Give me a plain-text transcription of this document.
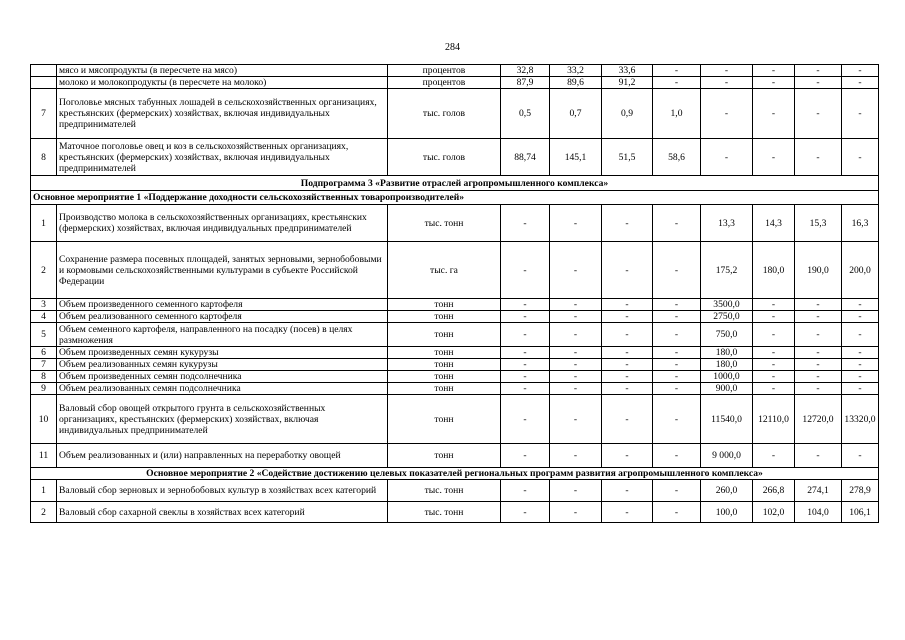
284
	мясо и мясопродукты (в пересчете на мясо)	процентов	32,8	33,2	33,6	-	-	-	-	-
	молоко и молокопродукты (в пересчете на молоко)	процентов	87,9	89,6	91,2	-	-	-	-	-
7	Поголовье мясных табунных лошадей в сельскохозяйственных организациях, крестьянских (фермерских) хозяйствах, включая индивидуальных предпринимателей	тыс. голов	0,5	0,7	0,9	1,0	-	-	-	-
8	Маточное поголовье овец и коз в сельскохозяйственных организациях, крестьянских (фермерских) хозяйствах, включая индивидуальных предпринимателей	тыс. голов	88,74	145,1	51,5	58,6	-	-	-	-
Подпрограмма 3 «Развитие отраслей агропромышленного комплекса»										
Основное мероприятие 1 «Поддержание доходности сельскохозяйственных товаропроизводителей»										
1	Производство молока в сельскохозяйственных организациях, крестьянских (фермерских) хозяйствах, включая индивидуальных предпринимателей	тыс. тонн	-	-	-	-	13,3	14,3	15,3	16,3
2	Сохранение размера посевных площадей, занятых зерновыми, зернобобовыми и кормовыми сельскохозяйственными культурами в субъекте Российской Федерации	тыс. га	-	-	-	-	175,2	180,0	190,0	200,0
3	Объем произведенного семенного картофеля	тонн	-	-	-	-	3500,0	-	-	-
4	Объем реализованного семенного картофеля	тонн	-	-	-	-	2750,0	-	-	-
5	Объем семенного картофеля, направленного на посадку (посев) в целях размножения	тонн	-	-	-	-	750,0	-	-	-
6	Объем произведенных семян кукурузы	тонн	-	-	-	-	180,0	-	-	-
7	Объем реализованных семян кукурузы	тонн	-	-	-	-	180,0	-	-	-
8	Объем произведенных семян подсолнечника	тонн	-	-	-	-	1000,0	-	-	-
9	Объем реализованных семян подсолнечника	тонн	-	-	-	-	900,0	-	-	-
10	Валовый сбор овощей открытого грунта в сельскохозяйственных организациях, крестьянских (фермерских) хозяйствах, включая индивидуальных предпринимателей	тонн	-	-	-	-	11540,0	12110,0	12720,0	13320,0
11	Объем реализованных и (или) направленных на переработку овощей	тонн	-	-	-	-	9 000,0	-	-	-
Основное мероприятие 2 «Содействие достижению целевых показателей региональных программ развития агропромышленного комплекса»										
1	Валовый сбор зерновых и зернобобовых культур в хозяйствах всех категорий	тыс. тонн	-	-	-	-	260,0	266,8	274,1	278,9
2	Валовый сбор сахарной свеклы в хозяйствах всех категорий	тыс. тонн	-	-	-	-	100,0	102,0	104,0	106,1
